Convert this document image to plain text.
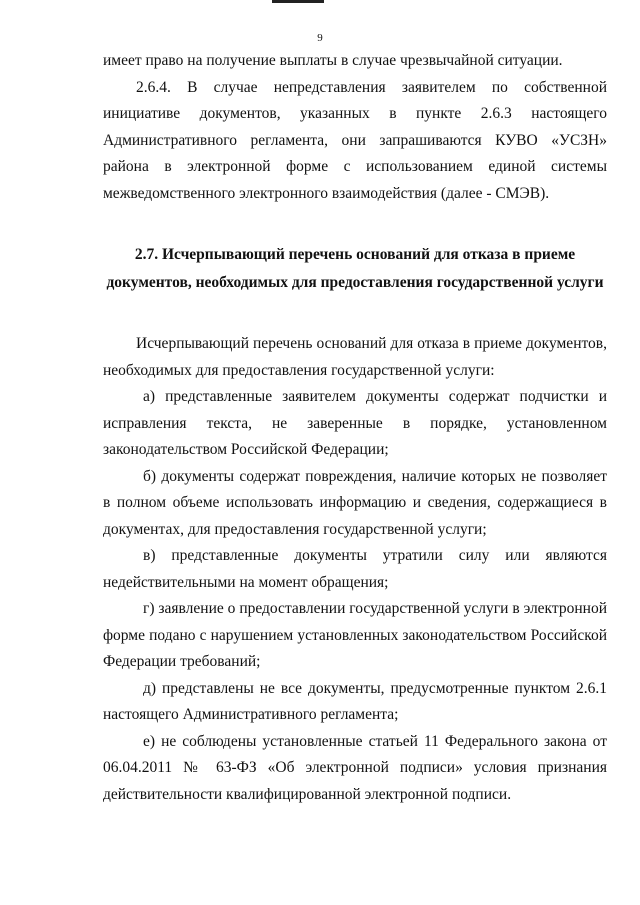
9

имеет право на получение выплаты в случае чрезвычайной ситуации.

2.6.4. В случае непредставления заявителем по собственной инициативе документов, указанных в пункте 2.6.3 настоящего Административного регламента, они запрашиваются КУВО «УСЗН» района в электронной форме с использованием единой системы межведомственного электронного взаимодействия (далее - СМЭВ).

2.7. Исчерпывающий перечень оснований для отказа в приеме документов, необходимых для предоставления государственной услуги

Исчерпывающий перечень оснований для отказа в приеме документов, необходимых для предоставления государственной услуги:

а) представленные заявителем документы содержат подчистки и исправления текста, не заверенные в порядке, установленном законодательством Российской Федерации;

б) документы содержат повреждения, наличие которых не позволяет в полном объеме использовать информацию и сведения, содержащиеся в документах, для предоставления государственной услуги;

в) представленные документы утратили силу или являются недействительными на момент обращения;

г) заявление о предоставлении государственной услуги в электронной форме подано с нарушением установленных законодательством Российской Федерации требований;

д) представлены не все документы, предусмотренные пунктом 2.6.1 настоящего Административного регламента;

е) не соблюдены установленные статьей 11 Федерального закона от 06.04.2011 № 63-ФЗ «Об электронной подписи» условия признания действительности квалифицированной электронной подписи.
